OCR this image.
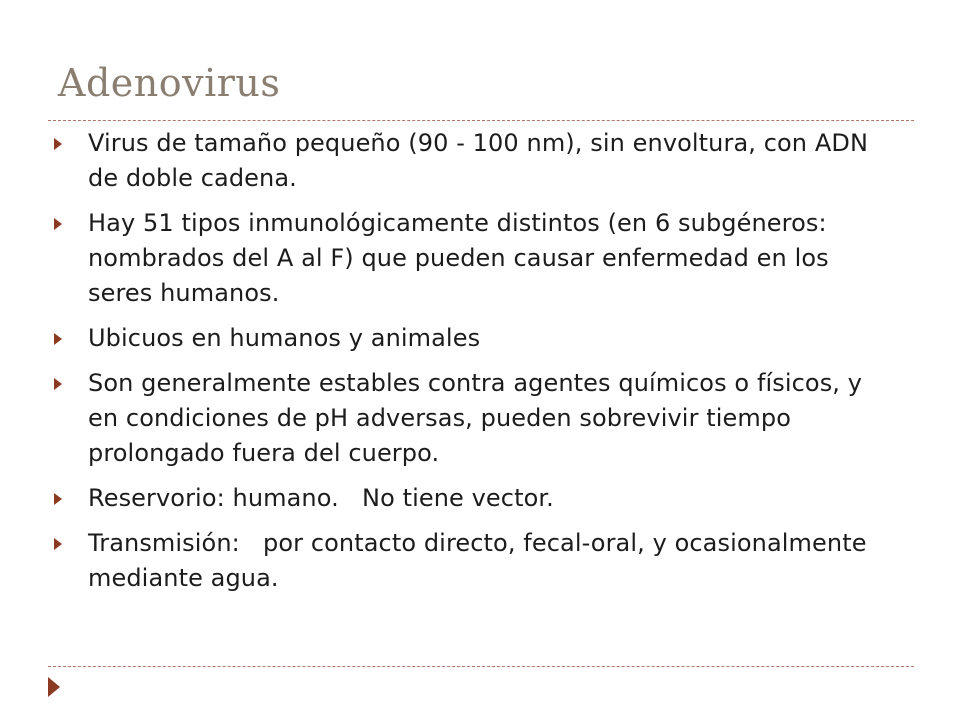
Adenovirus
Virus de tamaño pequeño (90 - 100 nm), sin envoltura, con ADN de doble cadena.
Hay 51 tipos inmunológicamente distintos (en 6 subgéneros: nombrados del A al F) que pueden causar enfermedad en los seres humanos.
Ubicuos en humanos y animales
Son generalmente estables contra agentes químicos o físicos, y en condiciones de pH adversas, pueden sobrevivir tiempo prolongado fuera del cuerpo.
Reservorio: humano.   No tiene vector.
Transmisión:   por contacto directo, fecal-oral, y ocasionalmente mediante agua.
